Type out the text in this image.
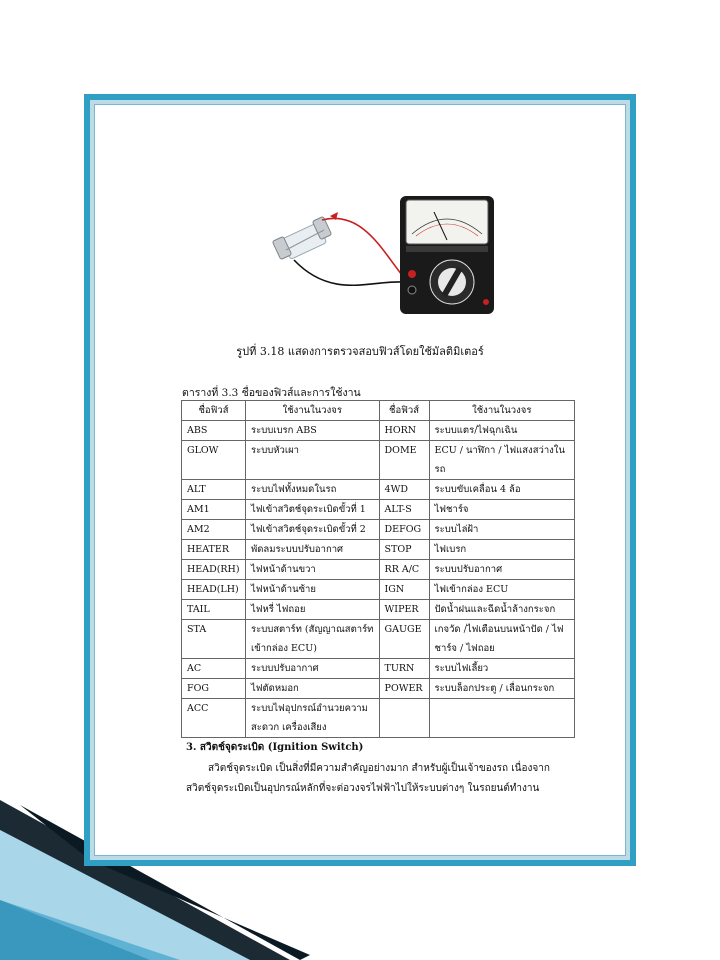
รูปที่ 3.18 แสดงการตรวจสอบฟิวส์โดยใช้มัลติมิเตอร์
ตารางที่ 3.3 ชื่อของฟิวส์และการใช้งาน
ชื่อฟิวส์	ใช้งานในวงจร	ชื่อฟิวส์	ใช้งานในวงจร
ABS	ระบบเบรก ABS	HORN	ระบบแตร/ไฟฉุกเฉิน
GLOW	ระบบหัวเผา	DOME	ECU / นาฬิกา / ไฟแสงสว่างในรถ
ALT	ระบบไฟทั้งหมดในรถ	4WD	ระบบขับเคลื่อน 4 ล้อ
AM1	ไฟเข้าสวิตช์จุดระเบิดขั้วที่ 1	ALT-S	ไฟชาร์จ
AM2	ไฟเข้าสวิตช์จุดระเบิดขั้วที่ 2	DEFOG	ระบบไล่ฝ้า
HEATER	พัดลมระบบปรับอากาศ	STOP	ไฟเบรก
HEAD(RH)	ไฟหน้าด้านขวา	RR A/C	ระบบปรับอากาศ
HEAD(LH)	ไฟหน้าด้านซ้าย	IGN	ไฟเข้ากล่อง ECU
TAIL	ไฟหรี่ ไฟถอย	WIPER	ปัดน้ำฝนและฉีดน้ำล้างกระจก
STA	ระบบสตาร์ท (สัญญาณสตาร์ทเข้ากล่อง ECU)	GAUGE	เกจวัด /ไฟเตือนบนหน้าปัด / ไฟชาร์จ / ไฟถอย
AC	ระบบปรับอากาศ	TURN	ระบบไฟเลี้ยว
FOG	ไฟตัดหมอก	POWER	ระบบล็อกประตู / เลื่อนกระจก
ACC	ระบบไฟอุปกรณ์อำนวยความสะดวก เครื่องเสียง		
3. สวิตช์จุดระเบิด (Ignition Switch)
สวิตช์จุดระเบิด เป็นสิ่งที่มีความสำคัญอย่างมาก สำหรับผู้เป็นเจ้าของรถ เนื่องจากสวิตช์จุดระเบิดเป็นอุปกรณ์หลักที่จะต่อวงจรไฟฟ้าไปให้ระบบต่างๆ ในรถยนต์ทำงาน
